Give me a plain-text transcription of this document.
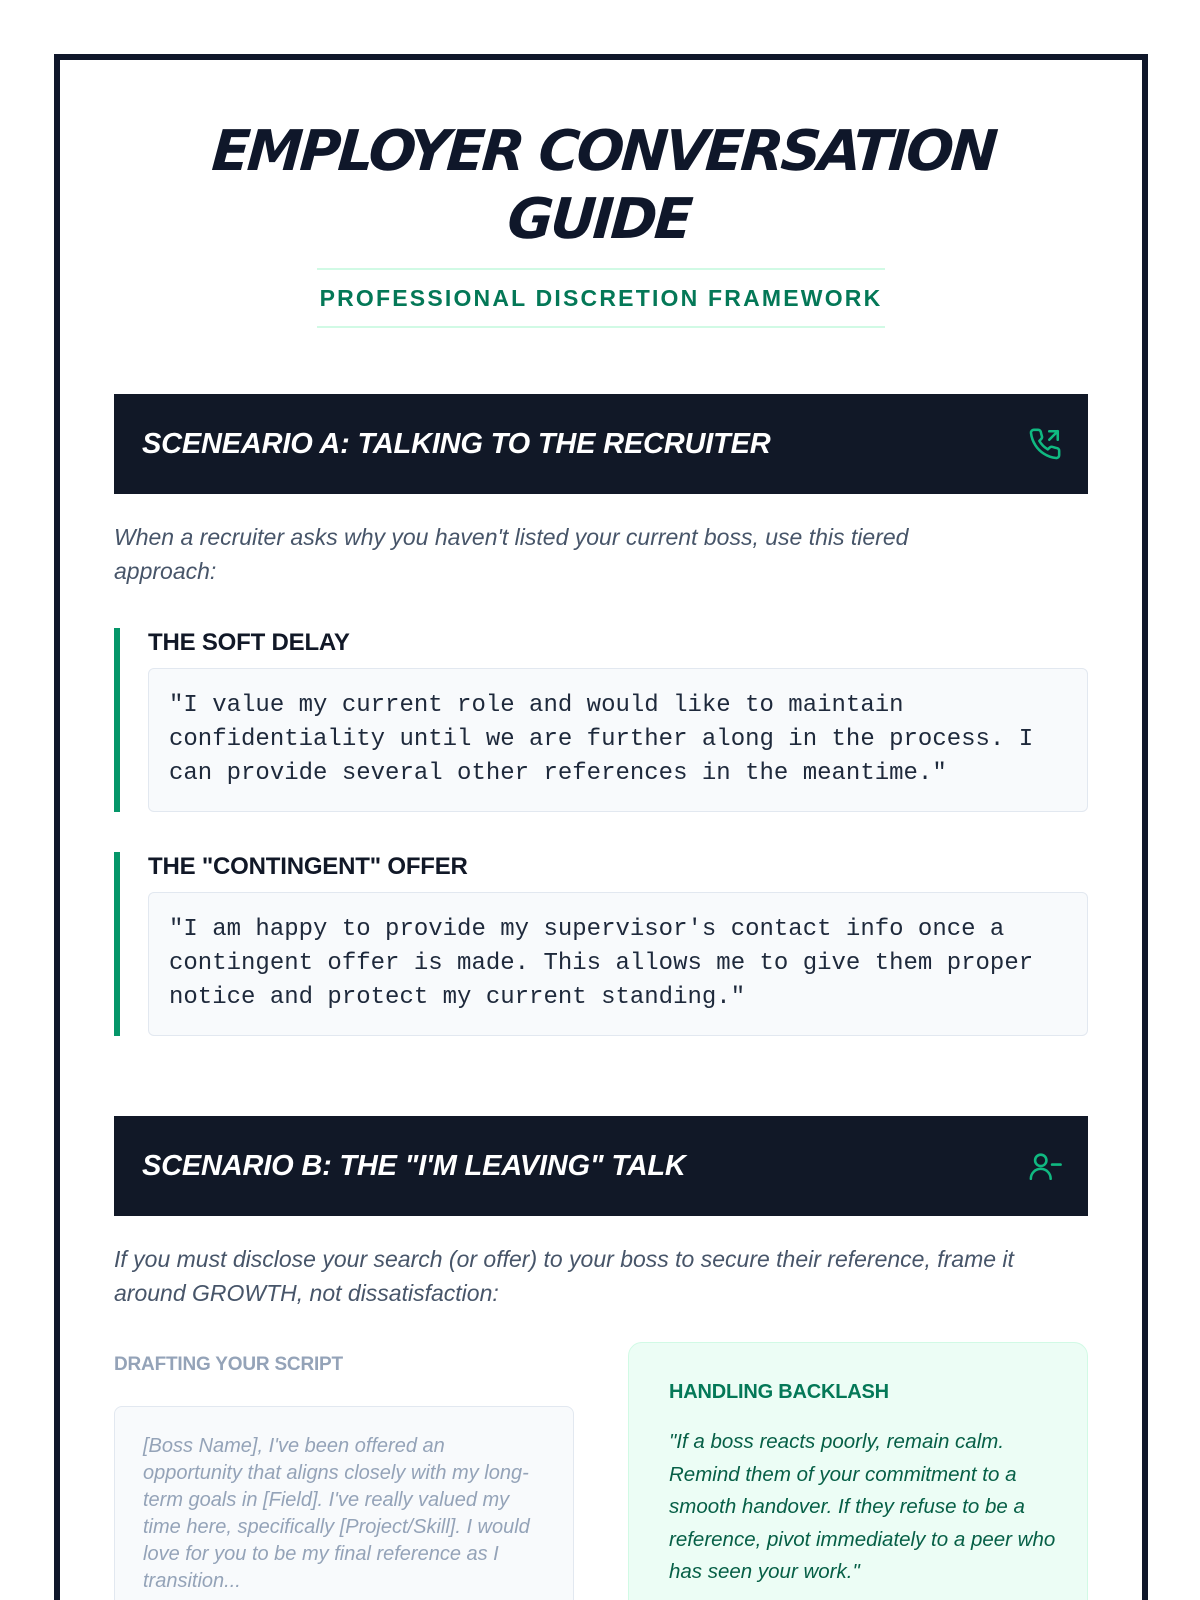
EMPLOYER CONVERSATION
GUIDE
PROFESSIONAL DISCRETION FRAMEWORK
SCENEARIO A: TALKING TO THE RECRUITER

When a recruiter asks why you haven't listed your current boss, use this tiered approach:

THE SOFT DELAY
"I value my current role and would like to maintain confidentiality until we are further along in the process. I can provide several other references in the meantime."
THE "CONTINGENT" OFFER
"I am happy to provide my supervisor's contact info once a contingent offer is made. This allows me to give them proper notice and protect my current standing."
SCENARIO B: THE "I'M LEAVING" TALK

If you must disclose your search (or offer) to your boss to secure their reference, frame it around GROWTH, not dissatisfaction:

DRAFTING YOUR SCRIPT
[Boss Name], I've been offered an opportunity that aligns closely with my long-term goals in [Field]. I've really valued my time here, specifically [Project/Skill]. I would love for you to be my final reference as I transition...
HANDLING BACKLASH
"If a boss reacts poorly, remain calm. Remind them of your commitment to a smooth handover. If they refuse to be a reference, pivot immediately to a peer who has seen your work."
